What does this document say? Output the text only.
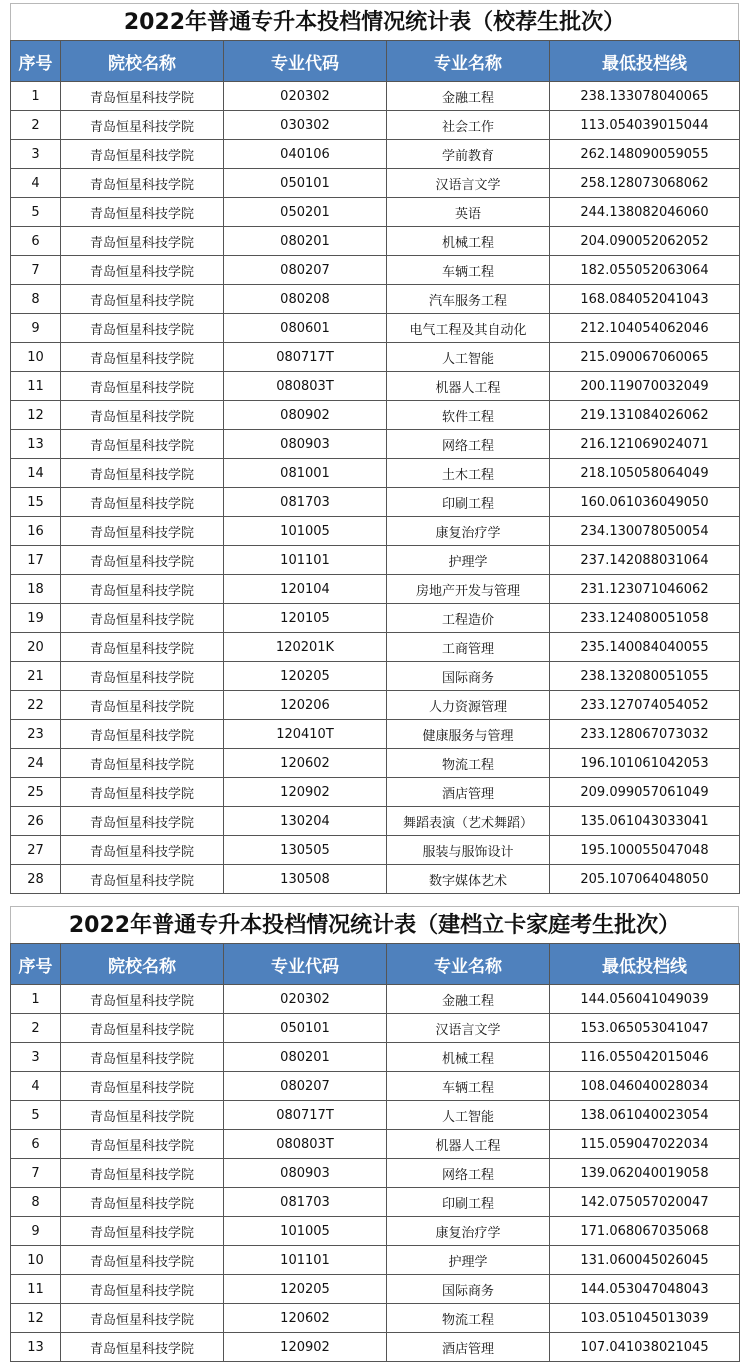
2022年普通专升本投档情况统计表（校荐生批次）
序号	院校名称	专业代码	专业名称	最低投档线
1	青岛恒星科技学院	020302	金融工程	238.133078040065
2	青岛恒星科技学院	030302	社会工作	113.054039015044
3	青岛恒星科技学院	040106	学前教育	262.148090059055
4	青岛恒星科技学院	050101	汉语言文学	258.128073068062
5	青岛恒星科技学院	050201	英语	244.138082046060
6	青岛恒星科技学院	080201	机械工程	204.090052062052
7	青岛恒星科技学院	080207	车辆工程	182.055052063064
8	青岛恒星科技学院	080208	汽车服务工程	168.084052041043
9	青岛恒星科技学院	080601	电气工程及其自动化	212.104054062046
10	青岛恒星科技学院	080717T	人工智能	215.090067060065
11	青岛恒星科技学院	080803T	机器人工程	200.119070032049
12	青岛恒星科技学院	080902	软件工程	219.131084026062
13	青岛恒星科技学院	080903	网络工程	216.121069024071
14	青岛恒星科技学院	081001	土木工程	218.105058064049
15	青岛恒星科技学院	081703	印刷工程	160.061036049050
16	青岛恒星科技学院	101005	康复治疗学	234.130078050054
17	青岛恒星科技学院	101101	护理学	237.142088031064
18	青岛恒星科技学院	120104	房地产开发与管理	231.123071046062
19	青岛恒星科技学院	120105	工程造价	233.124080051058
20	青岛恒星科技学院	120201K	工商管理	235.140084040055
21	青岛恒星科技学院	120205	国际商务	238.132080051055
22	青岛恒星科技学院	120206	人力资源管理	233.127074054052
23	青岛恒星科技学院	120410T	健康服务与管理	233.128067073032
24	青岛恒星科技学院	120602	物流工程	196.101061042053
25	青岛恒星科技学院	120902	酒店管理	209.099057061049
26	青岛恒星科技学院	130204	舞蹈表演（艺术舞蹈）	135.061043033041
27	青岛恒星科技学院	130505	服装与服饰设计	195.100055047048
28	青岛恒星科技学院	130508	数字媒体艺术	205.107064048050
2022年普通专升本投档情况统计表（建档立卡家庭考生批次）
序号	院校名称	专业代码	专业名称	最低投档线
1	青岛恒星科技学院	020302	金融工程	144.056041049039
2	青岛恒星科技学院	050101	汉语言文学	153.065053041047
3	青岛恒星科技学院	080201	机械工程	116.055042015046
4	青岛恒星科技学院	080207	车辆工程	108.046040028034
5	青岛恒星科技学院	080717T	人工智能	138.061040023054
6	青岛恒星科技学院	080803T	机器人工程	115.059047022034
7	青岛恒星科技学院	080903	网络工程	139.062040019058
8	青岛恒星科技学院	081703	印刷工程	142.075057020047
9	青岛恒星科技学院	101005	康复治疗学	171.068067035068
10	青岛恒星科技学院	101101	护理学	131.060045026045
11	青岛恒星科技学院	120205	国际商务	144.053047048043
12	青岛恒星科技学院	120602	物流工程	103.051045013039
13	青岛恒星科技学院	120902	酒店管理	107.041038021045
